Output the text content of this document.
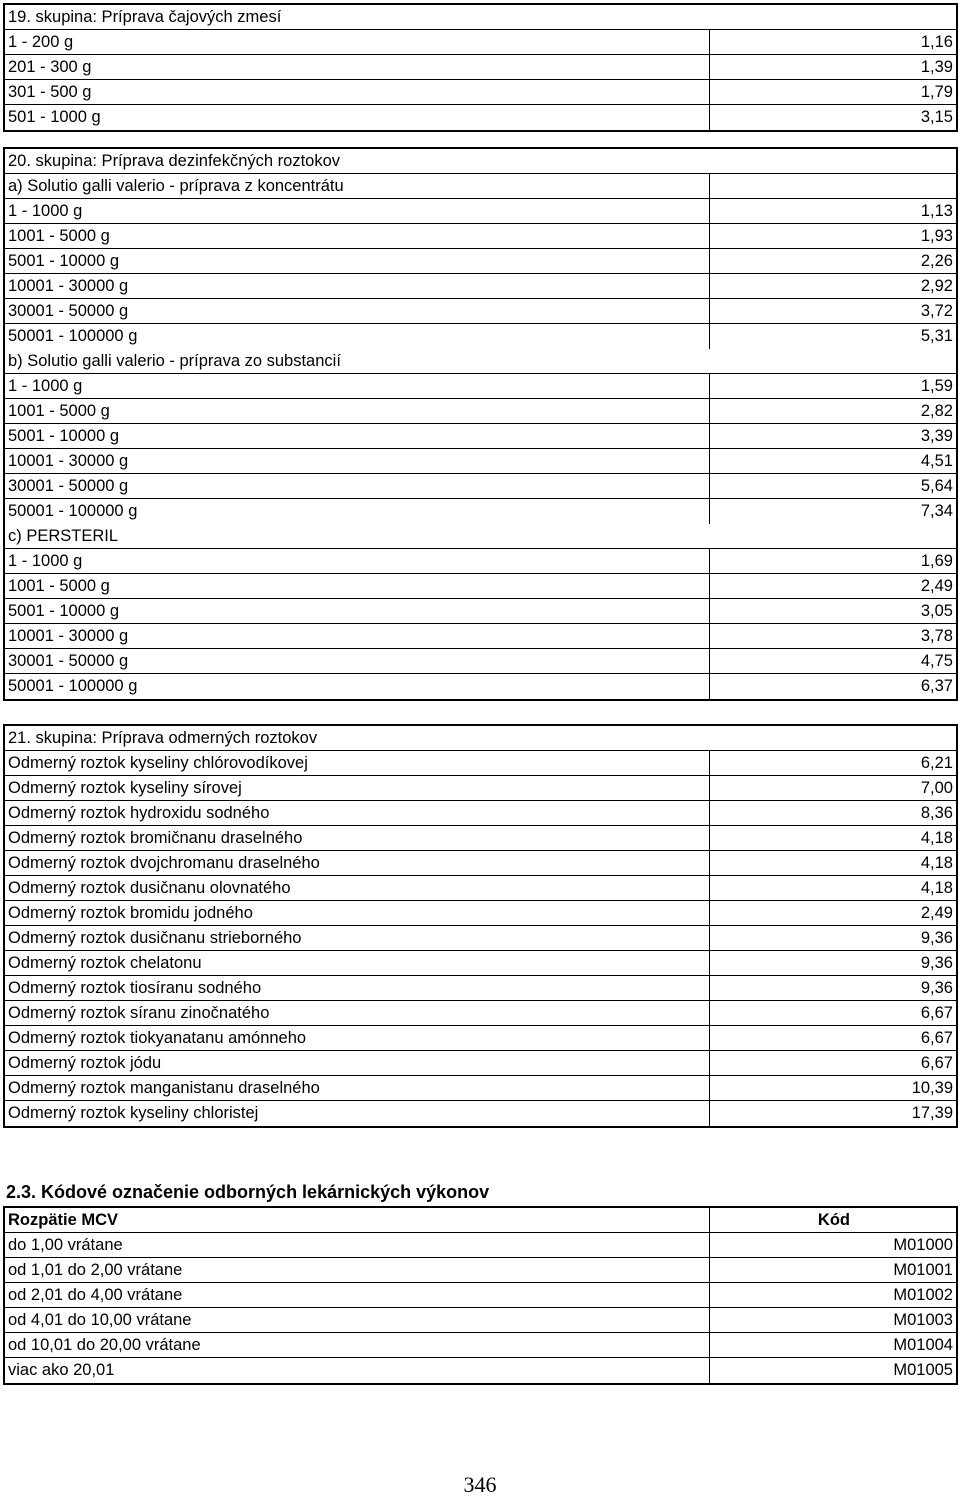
19. skupina: Príprava čajových zmesí
1 - 200 g	1,16
201 - 300 g	1,39
301 - 500 g	1,79
501 - 1000 g	3,15
20. skupina: Príprava dezinfekčných roztokov
a) Solutio galli valerio - príprava z koncentrátu
1 - 1000 g	1,13
1001 - 5000 g	1,93
5001 - 10000 g	2,26
10001 - 30000 g	2,92
30001 - 50000 g	3,72
50001 - 100000 g	5,31
b) Solutio galli valerio - príprava zo substancií
1 - 1000 g	1,59
1001 - 5000 g	2,82
5001 - 10000 g	3,39
10001 - 30000 g	4,51
30001 - 50000 g	5,64
50001 - 100000 g	7,34
c) PERSTERIL
1 - 1000 g	1,69
1001 - 5000 g	2,49
5001 - 10000 g	3,05
10001 - 30000 g	3,78
30001 - 50000 g	4,75
50001 - 100000 g	6,37
21. skupina: Príprava odmerných roztokov
Odmerný roztok kyseliny chlórovodíkovej	6,21
Odmerný roztok kyseliny sírovej	7,00
Odmerný roztok hydroxidu sodného	8,36
Odmerný roztok bromičnanu draselného	4,18
Odmerný roztok dvojchromanu draselného	4,18
Odmerný roztok dusičnanu olovnatého	4,18
Odmerný roztok bromidu jodného	2,49
Odmerný roztok dusičnanu strieborného	9,36
Odmerný roztok chelatonu	9,36
Odmerný roztok tiosíranu sodného	9,36
Odmerný roztok síranu zinočnatého	6,67
Odmerný roztok tiokyanatanu amónneho	6,67
Odmerný roztok jódu	6,67
Odmerný roztok manganistanu draselného	10,39
Odmerný roztok kyseliny chloristej	17,39
2.3. Kódové označenie odborných lekárnických výkonov
Rozpätie MCV	Kód
do 1,00 vrátane	M01000
od 1,01 do 2,00 vrátane	M01001
od 2,01 do 4,00 vrátane	M01002
od 4,01 do 10,00 vrátane	M01003
od 10,01 do 20,00 vrátane	M01004
viac ako 20,01	M01005
346
